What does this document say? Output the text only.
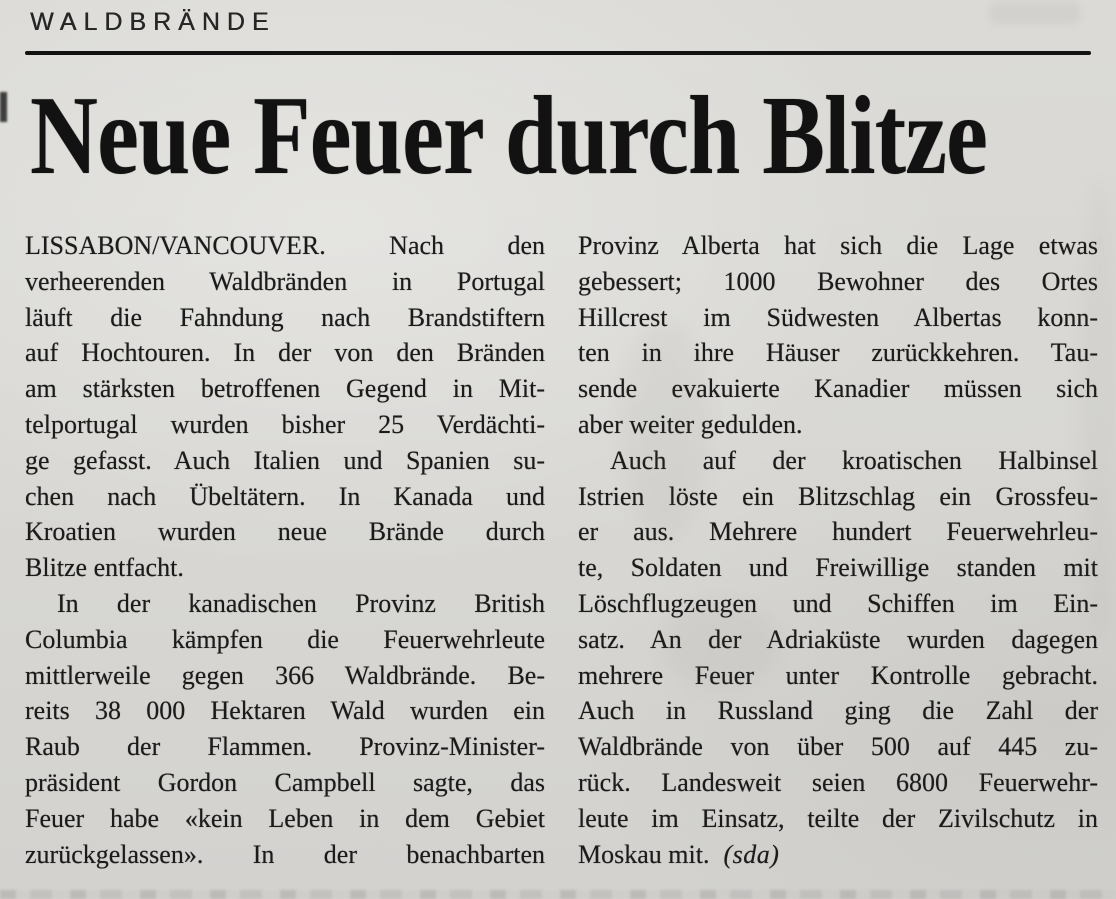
WALDBRÄNDE
Neue Feuer durch Blitze
LISSABON/VANCOUVER. Nach den
verheerenden Waldbränden in Portugal
läuft die Fahndung nach Brandstiftern
auf Hochtouren. In der von den Bränden
am stärksten betroffenen Gegend in Mit-
telportugal wurden bisher 25 Verdächti-
ge gefasst. Auch Italien und Spanien su-
chen nach Übeltätern. In Kanada und
Kroatien wurden neue Brände durch
Blitze entfacht.
In der kanadischen Provinz British
Columbia kämpfen die Feuerwehrleute
mittlerweile gegen 366 Waldbrände. Be-
reits 38 000 Hektaren Wald wurden ein
Raub der Flammen. Provinz-Minister-
präsident Gordon Campbell sagte, das
Feuer habe «kein Leben in dem Gebiet
zurückgelassen». In der benachbarten
Provinz Alberta hat sich die Lage etwas
gebessert; 1000 Bewohner des Ortes
Hillcrest im Südwesten Albertas konn-
ten in ihre Häuser zurückkehren. Tau-
sende evakuierte Kanadier müssen sich
aber weiter gedulden.
Auch auf der kroatischen Halbinsel
Istrien löste ein Blitzschlag ein Grossfeu-
er aus. Mehrere hundert Feuerwehrleu-
te, Soldaten und Freiwillige standen mit
Löschflugzeugen und Schiffen im Ein-
satz. An der Adriaküste wurden dagegen
mehrere Feuer unter Kontrolle gebracht.
Auch in Russland ging die Zahl der
Waldbrände von über 500 auf 445 zu-
rück. Landesweit seien 6800 Feuerwehr-
leute im Einsatz, teilte der Zivilschutz in
Moskau mit. (sda)
